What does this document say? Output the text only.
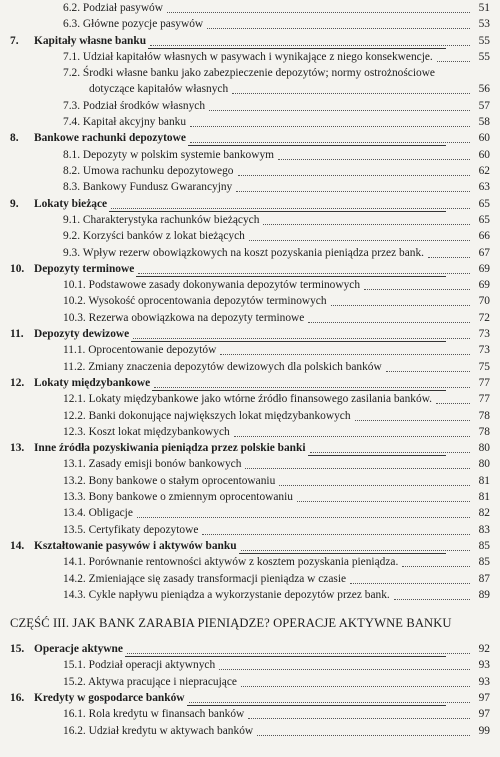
6.2. Podział pasywów	51
6.3. Główne pozycje pasywów	53
7. Kapitały własne banku	55
7.1. Udział kapitałów własnych w pasywach i wynikające z niego konsekwencje.	55
7.2. Środki własne banku jako zabezpieczenie depozytów; normy ostrożnościowe
dotyczące kapitałów własnych	56
7.3. Podział środków własnych	57
7.4. Kapitał akcyjny banku	58
8. Bankowe rachunki depozytowe	60
8.1. Depozyty w polskim systemie bankowym	60
8.2. Umowa rachunku depozytowego	62
8.3. Bankowy Fundusz Gwarancyjny	63
9. Lokaty bieżące	65
9.1. Charakterystyka rachunków bieżących	65
9.2. Korzyści banków z lokat bieżących	66
9.3. Wpływ rezerw obowiązkowych na koszt pozyskania pieniądza przez bank.	67
10. Depozyty terminowe	69
10.1. Podstawowe zasady dokonywania depozytów terminowych	69
10.2. Wysokość oprocentowania depozytów terminowych	70
10.3. Rezerwa obowiązkowa na depozyty terminowe	72
11. Depozyty dewizowe	73
11.1. Oprocentowanie depozytów	73
11.2. Zmiany znaczenia depozytów dewizowych dla polskich banków	75
12. Lokaty międzybankowe	77
12.1. Lokaty międzybankowe jako wtórne źródło finansowego zasilania banków.	77
12.2. Banki dokonujące największych lokat międzybankowych	78
12.3. Koszt lokat międzybankowych	78
13. Inne źródła pozyskiwania pieniądza przez polskie banki	80
13.1. Zasady emisji bonów bankowych	80
13.2. Bony bankowe o stałym oprocentowaniu	81
13.3. Bony bankowe o zmiennym oprocentowaniu	81
13.4. Obligacje	82
13.5. Certyfikaty depozytowe	83
14. Kształtowanie pasywów i aktywów banku	85
14.1. Porównanie rentowności aktywów z kosztem pozyskania pieniądza.	85
14.2. Zmieniające się zasady transformacji pieniądza w czasie	87
14.3. Cykle napływu pieniądza a wykorzystanie depozytów przez bank.	89
CZĘŚĆ III. JAK BANK ZARABIA PIENIĄDZE? OPERACJE AKTYWNE BANKU
15. Operacje aktywne	92
15.1. Podział operacji aktywnych	93
15.2. Aktywa pracujące i niepracujące	93
16. Kredyty w gospodarce banków	97
16.1. Rola kredytu w finansach banków	97
16.2. Udział kredytu w aktywach banków	99
